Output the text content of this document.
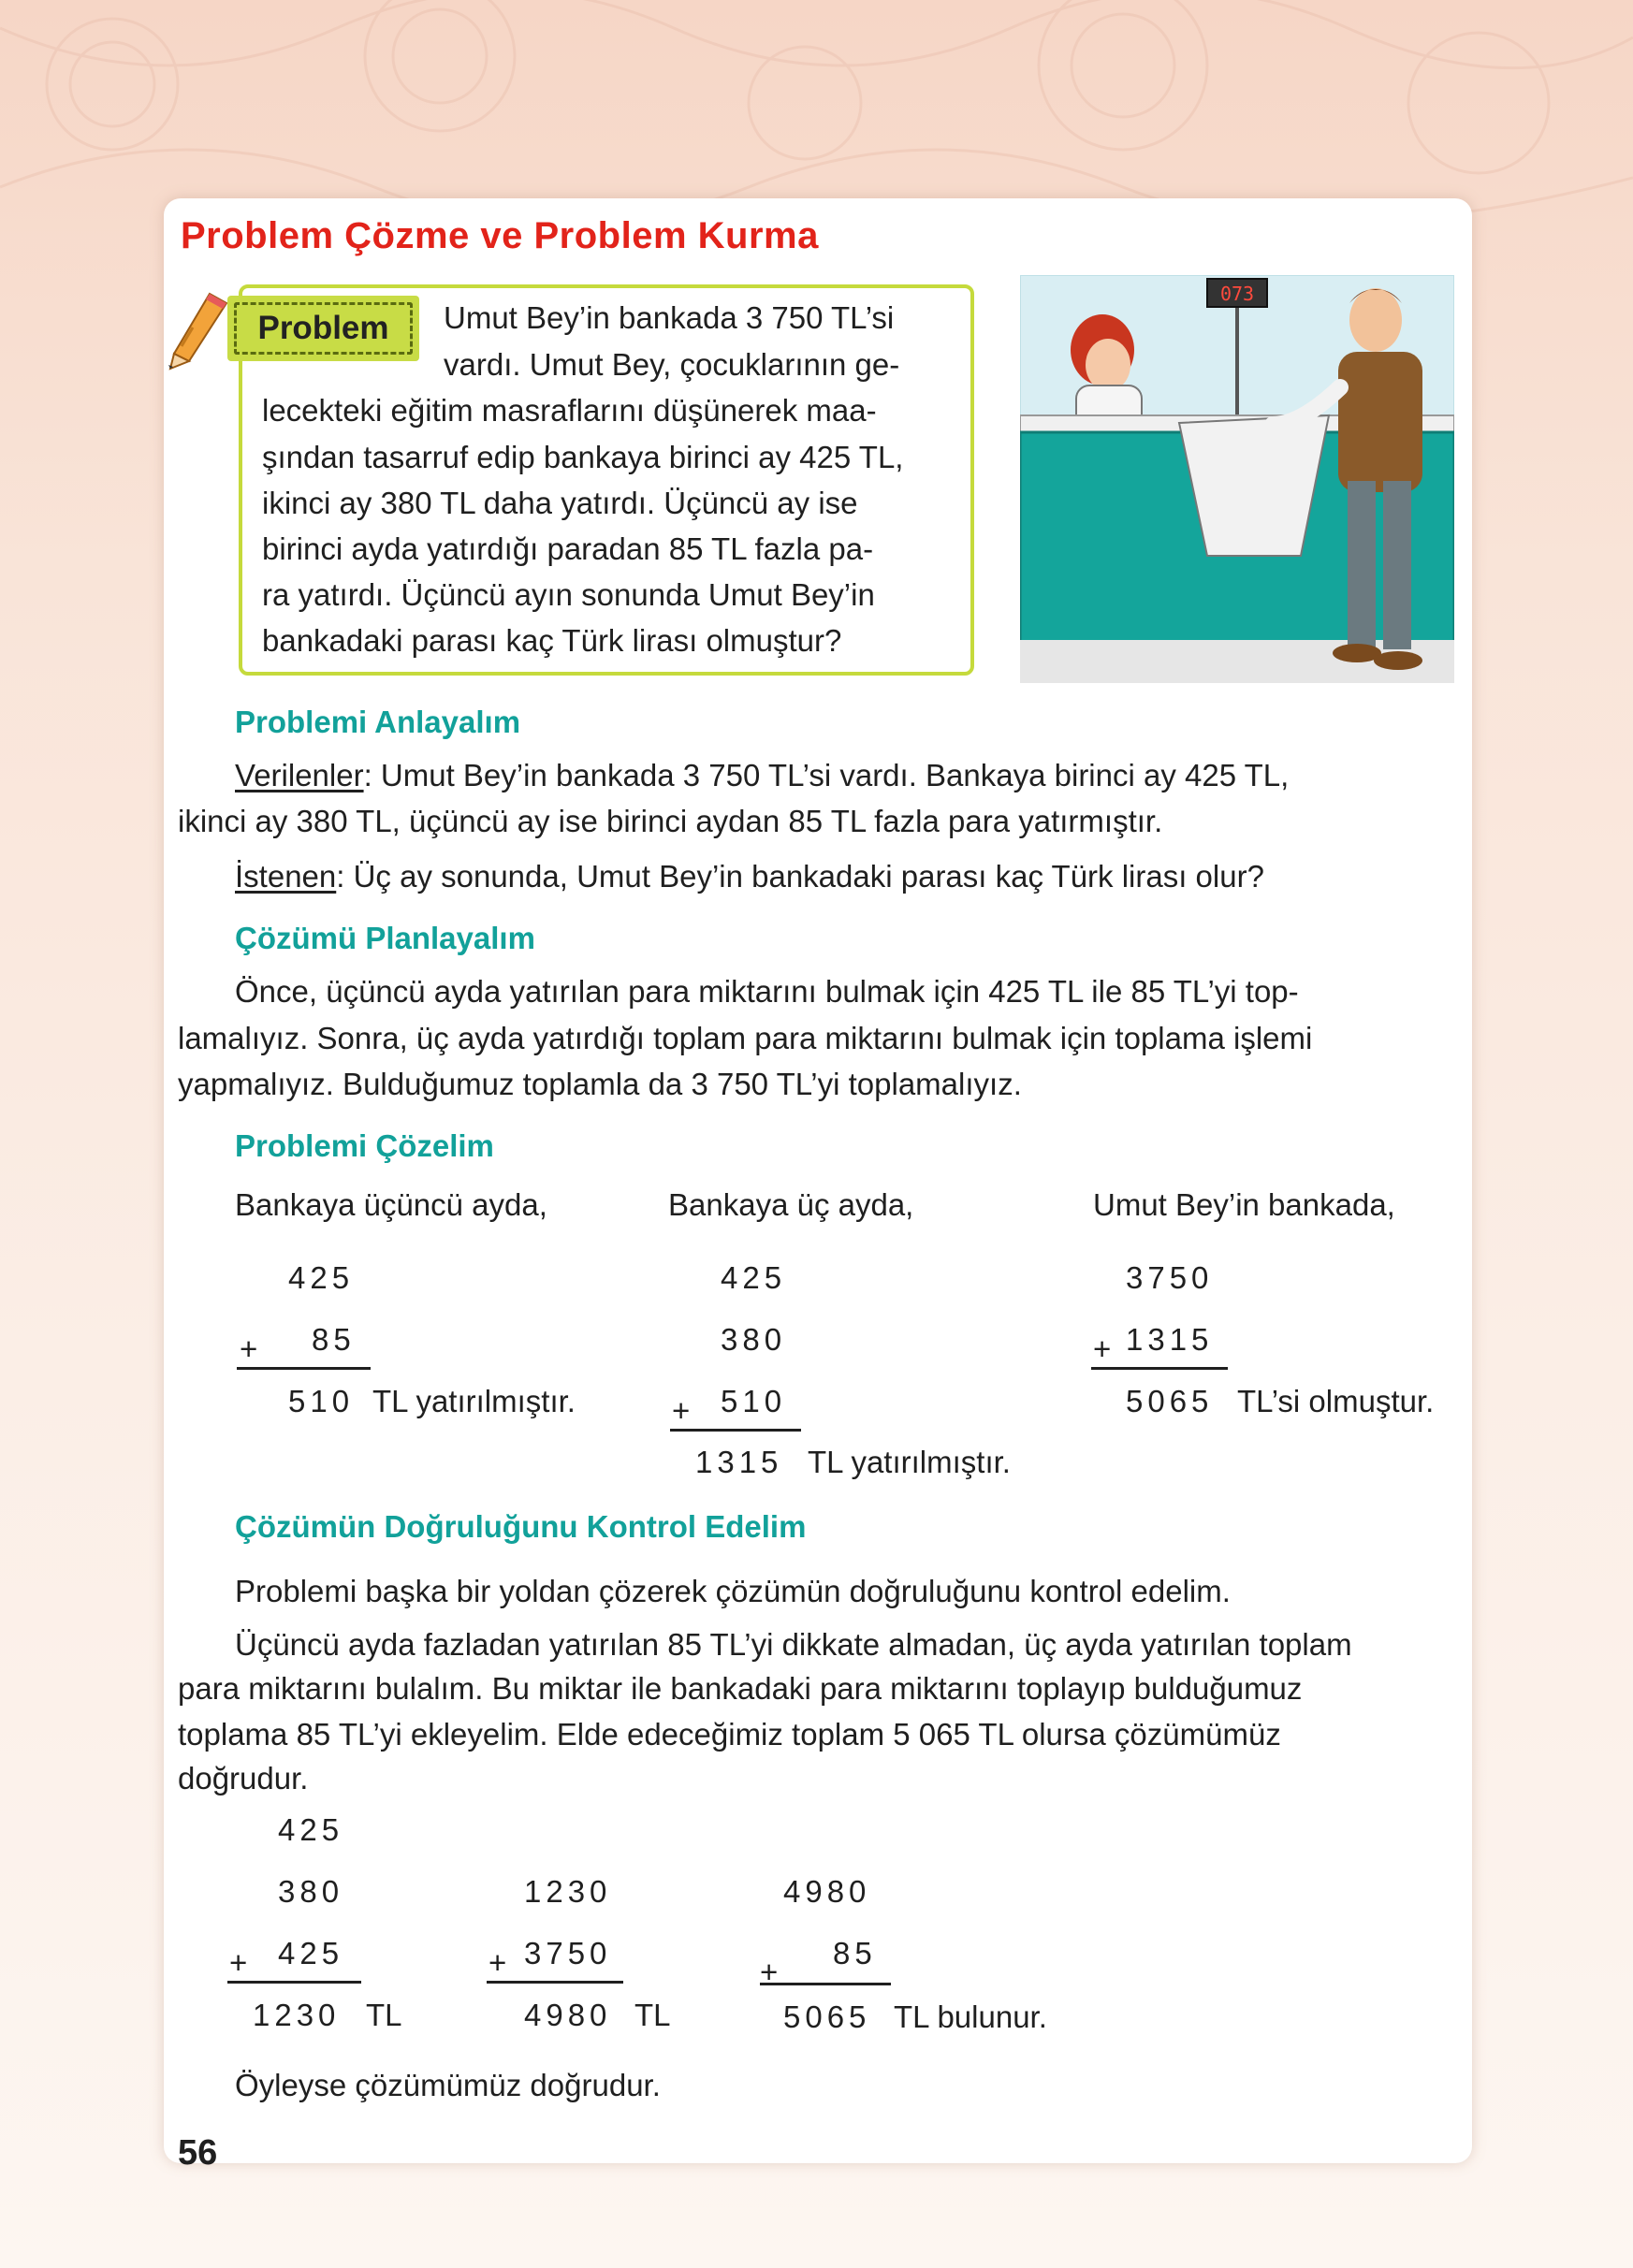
Problem Çözme ve Problem Kurma
Problem	Umut Bey’in bankada 3 750 TL’si

vardı. Umut Bey, çocuklarının ge-

lecekteki eğitim masraflarını düşünerek maa-

şından tasarruf edip bankaya birinci ay 425 TL,

ikinci ay 380 TL daha yatırdı. Üçüncü ay ise

birinci ayda yatırdığı paradan 85 TL fazla pa-

ra yatırdı. Üçüncü ayın sonunda Umut Bey’in

bankadaki parası kaç Türk lirası olmuştur?

073
Problemi Anlayalım

Verilenler: Umut Bey’in bankada 3 750 TL’si vardı. Bankaya birinci ay 425 TL,

ikinci ay 380 TL, üçüncü ay ise birinci aydan 85 TL fazla para yatırmıştır.

İstenen: Üç ay sonunda, Umut Bey’in bankadaki parası kaç Türk lirası olur?

Çözümü Planlayalım

Önce, üçüncü ayda yatırılan para miktarını bulmak için 425 TL ile 85 TL’yi top-

lamalıyız. Sonra, üç ayda yatırdığı toplam para miktarını bulmak için toplama işlemi

yapmalıyız. Bulduğumuz toplamla da 3 750 TL’yi toplamalıyız.

Problemi Çözelim

Bankaya üçüncü ayda,	Bankaya üç ayda,	Umut Bey’in bankada,

425

+ 85

510 TL yatırılmıştır.

425

380

+ 510

1315 TL yatırılmıştır.

3750

+ 1315

5065 TL’si olmuştur.

Çözümün Doğruluğunu Kontrol Edelim

Problemi başka bir yoldan çözerek çözümün doğruluğunu kontrol edelim.

Üçüncü ayda fazladan yatırılan 85 TL’yi dikkate almadan, üç ayda yatırılan toplam

para miktarını bulalım. Bu miktar ile bankadaki para miktarını toplayıp bulduğumuz

toplama 85 TL’yi ekleyelim. Elde edeceğimiz toplam 5 065 TL olursa çözümümüz

doğrudur.

425

380

+ 425

1230 TL

1230

+ 3750

4980 TL

4980

+

85

5065 TL bulunur.

Öyleyse çözümümüz doğrudur.

56
